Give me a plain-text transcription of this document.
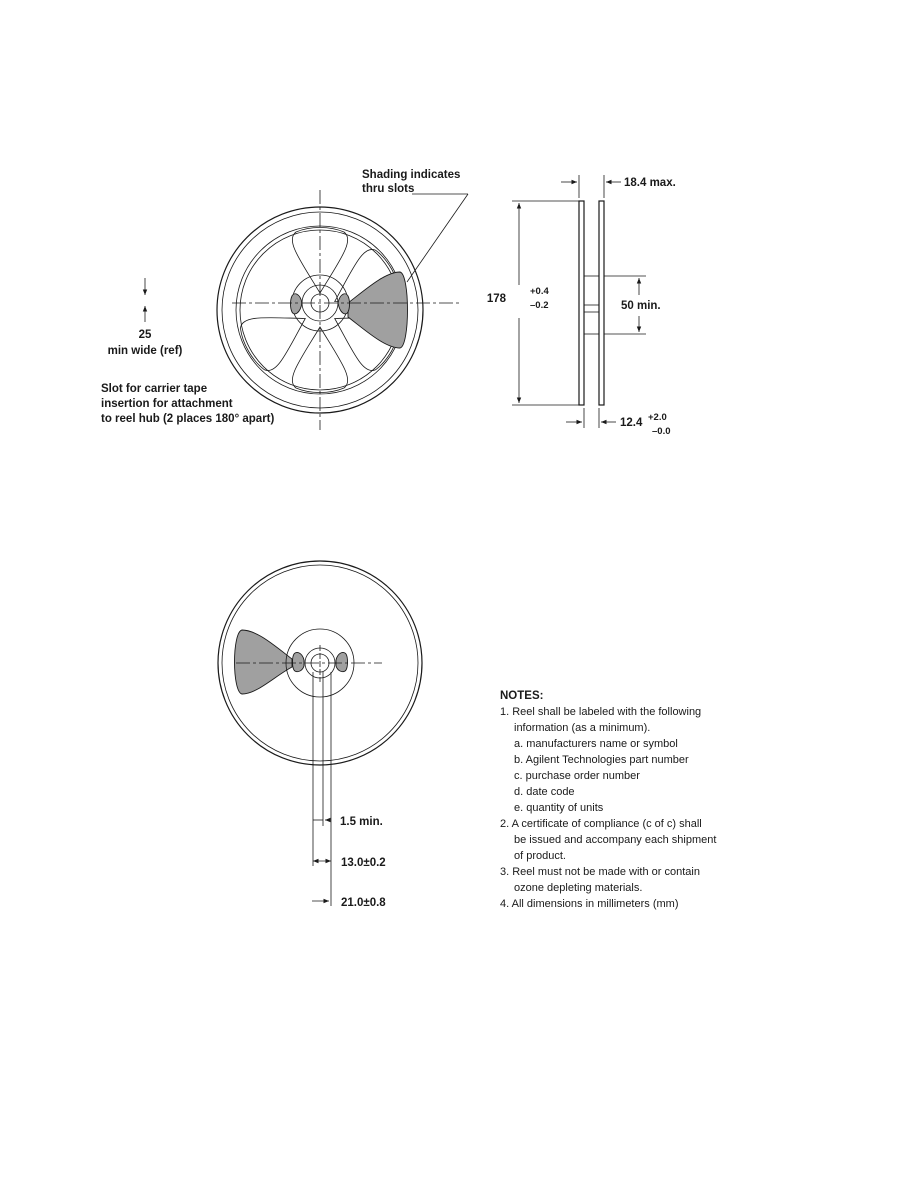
Shading indicates
thru slots
25
min wide (ref)
Slot for carrier tape
insertion for attachment
to reel hub (2 places 180° apart)
18.4 max.
178
+0.4
–0.2	50 min.
12.4 +2.0
–0.0
1.5 min.
13.0±0.2
21.0±0.8
NOTES:
1. Reel shall be labeled with the following
information (as a minimum).
a. manufacturers name or symbol
b. Agilent Technologies part number
c. purchase order number
d. date code
e. quantity of units
2. A certificate of compliance (c of c) shall
be issued and accompany each shipment
of product.
3. Reel must not be made with or contain
ozone depleting materials.
4. All dimensions in millimeters (mm)
